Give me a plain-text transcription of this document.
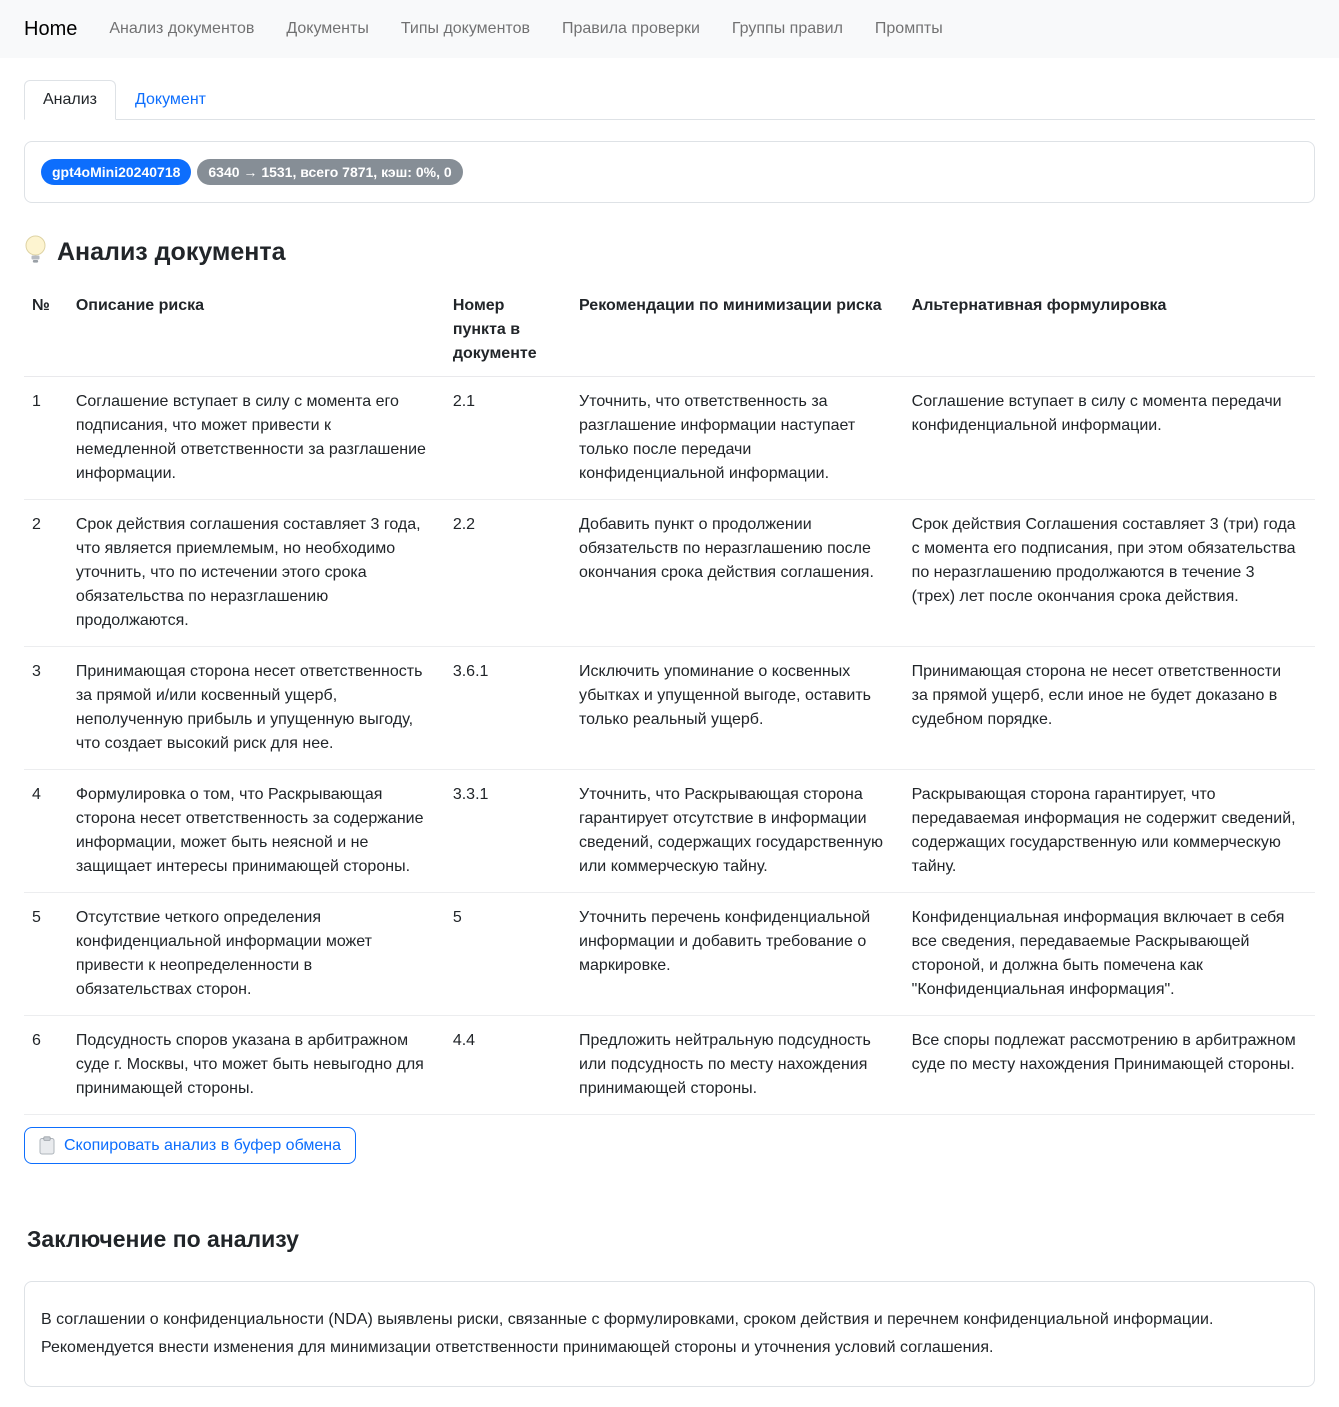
Home Анализ документов Документы Типы документов Правила проверки Группы правил Промпты
Анализ	Документ
gpt4oMini20240718	6340 → 1531, всего 7871, кэш: 0%, 0
Анализ документа
№	Описание риска	Номер пункта в документе	Рекомендации по минимизации риска	Альтернативная формулировка
1	Соглашение вступает в силу с момента его подписания, что может привести к немедленной ответственности за разглашение информации.	2.1	Уточнить, что ответственность за разглашение информации наступает только после передачи конфиденциальной информации.	Соглашение вступает в силу с момента передачи конфиденциальной информации.
2	Срок действия соглашения составляет 3 года, что является приемлемым, но необходимо уточнить, что по истечении этого срока обязательства по неразглашению продолжаются.	2.2	Добавить пункт о продолжении обязательств по неразглашению после окончания срока действия соглашения.	Срок действия Соглашения составляет 3 (три) года с момента его подписания, при этом обязательства по неразглашению продолжаются в течение 3 (трех) лет после окончания срока действия.
3	Принимающая сторона несет ответственность за прямой и/или косвенный ущерб, неполученную прибыль и упущенную выгоду, что создает высокий риск для нее.	3.6.1	Исключить упоминание о косвенных убытках и упущенной выгоде, оставить только реальный ущерб.	Принимающая сторона не несет ответственности за прямой ущерб, если иное не будет доказано в судебном порядке.
4	Формулировка о том, что Раскрывающая сторона несет ответственность за содержание информации, может быть неясной и не защищает интересы принимающей стороны.	3.3.1	Уточнить, что Раскрывающая сторона гарантирует отсутствие в информации сведений, содержащих государственную или коммерческую тайну.	Раскрывающая сторона гарантирует, что передаваемая информация не содержит сведений, содержащих государственную или коммерческую тайну.
5	Отсутствие четкого определения конфиденциальной информации может привести к неопределенности в обязательствах сторон.	5	Уточнить перечень конфиденциальной информации и добавить требование о маркировке.	Конфиденциальная информация включает в себя все сведения, передаваемые Раскрывающей стороной, и должна быть помечена как "Конфиденциальная информация".
6	Подсудность споров указана в арбитражном суде г. Москвы, что может быть невыгодно для принимающей стороны.	4.4	Предложить нейтральную подсудность или подсудность по месту нахождения принимающей стороны.	Все споры подлежат рассмотрению в арбитражном суде по месту нахождения Принимающей стороны.
Скопировать анализ в буфер обмена
Заключение по анализу
В соглашении о конфиденциальности (NDA) выявлены риски, связанные с формулировками, сроком действия и перечнем конфиденциальной информации. Рекомендуется внести изменения для минимизации ответственности принимающей стороны и уточнения условий соглашения.
